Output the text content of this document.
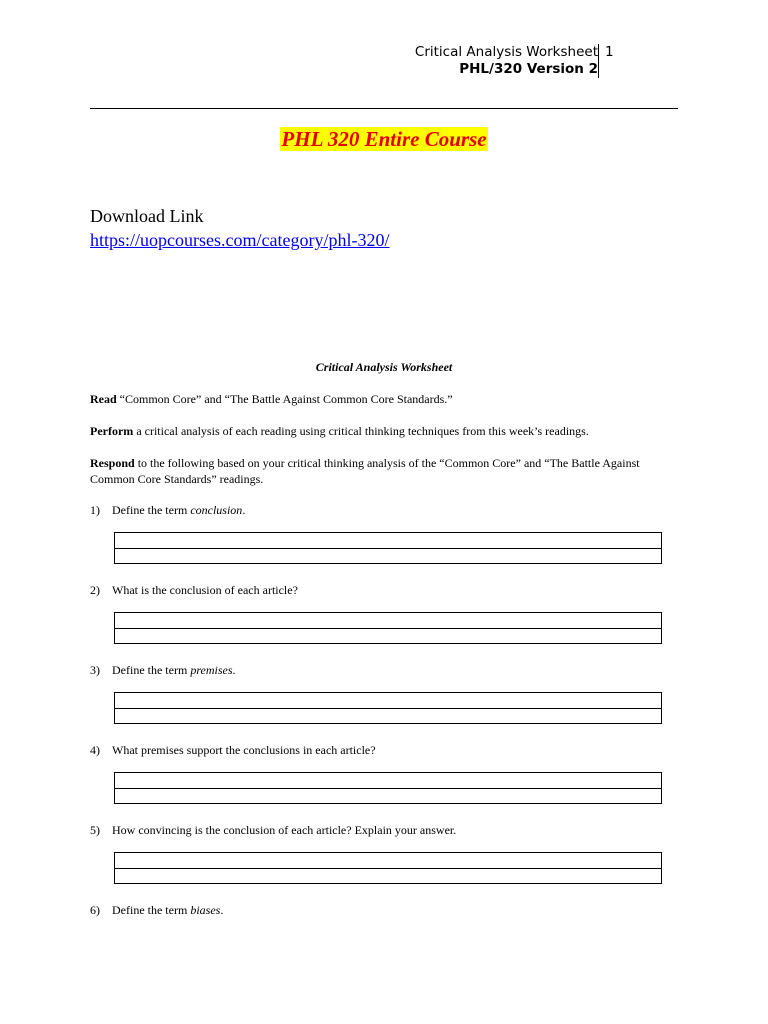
Critical Analysis Worksheet
PHL/320 Version 2
1
PHL 320 Entire Course
Download Link
https://uopcourses.com/category/phl-320/
Critical Analysis Worksheet
Read “Common Core” and “The Battle Against Common Core Standards.”
Perform a critical analysis of each reading using critical thinking techniques from this week’s readings.
Respond to the following based on your critical thinking analysis of the “Common Core” and “The Battle Against Common Core Standards” readings.
1) Define the term conclusion.
2) What is the conclusion of each article?
3) Define the term premises.
4) What premises support the conclusions in each article?
5) How convincing is the conclusion of each article? Explain your answer.
6) Define the term biases.
